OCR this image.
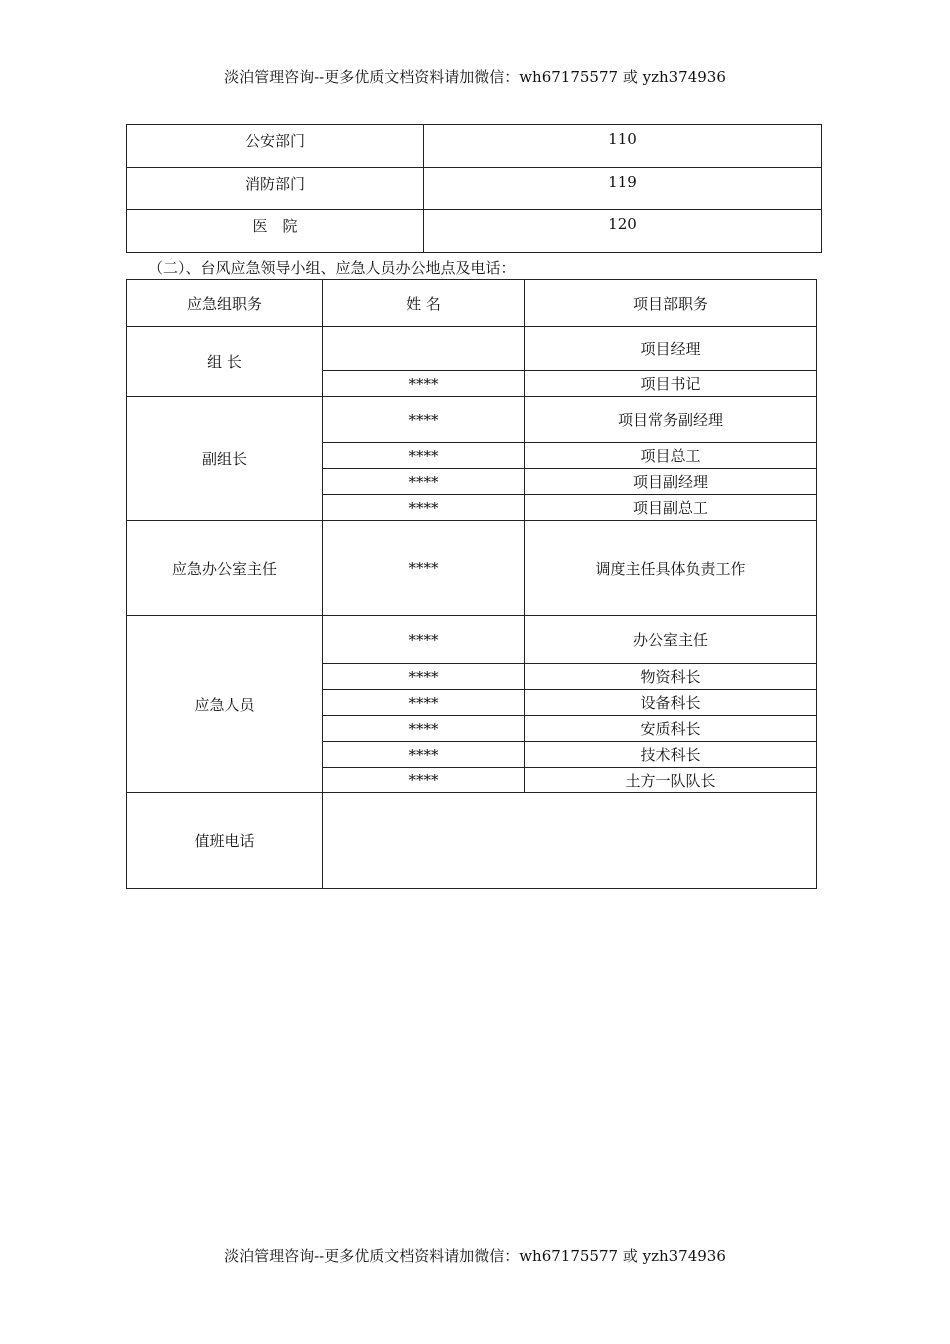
淡泊管理咨询--更多优质文档资料请加微信：wh67175577 或 yzh374936
公安部门	110
消防部门	119
医　院	120
（二）、台风应急领导小组、应急人员办公地点及电话：
应急组职务	姓 名	项目部职务
组 长		项目经理
	****	项目书记
副组长	****	项目常务副经理
	****	项目总工
	****	项目副经理
	****	项目副总工
应急办公室主任	****	调度主任具体负责工作
应急人员	****	办公室主任
	****	物资科长
	****	设备科长
	****	安质科长
	****	技术科长
	****	土方一队队长
值班电话		
淡泊管理咨询--更多优质文档资料请加微信：wh67175577 或 yzh374936
